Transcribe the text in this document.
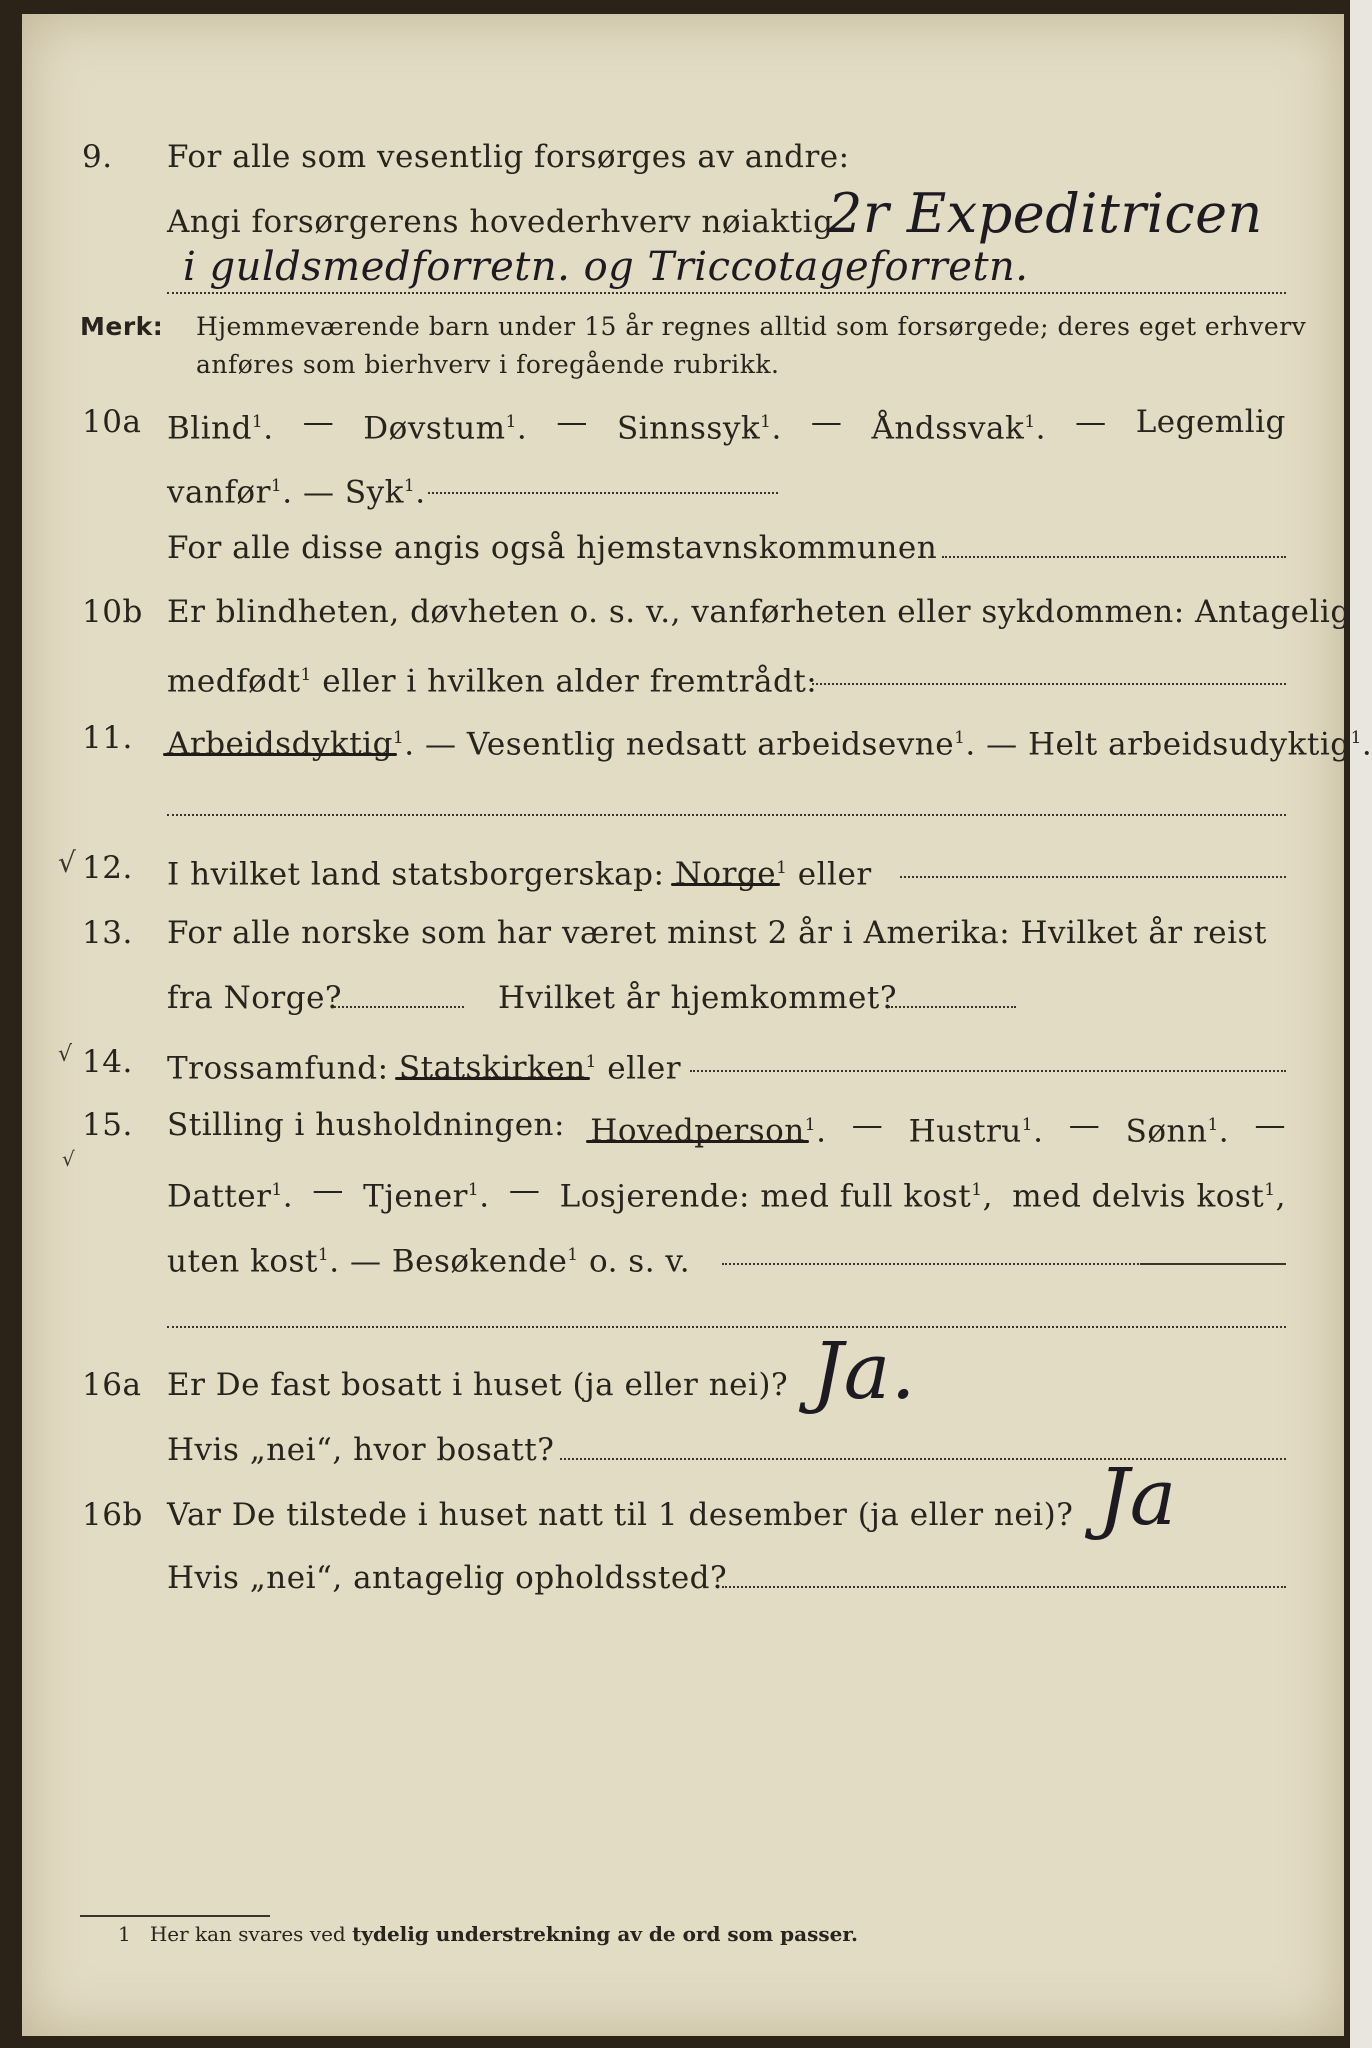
9. For alle som vesentlig forsørges av andre:
Angi forsørgerens hovederhverv nøiaktig
2r Expeditricen
i guldsmedforretn. og Triccotageforretn.
Merk: Hjemmeværende barn under 15 år regnes alltid som forsørgede; deres eget erhverv
anføres som bierhverv i foregående rubrikk.
10a Blind$^1$. — Døvstum$^1$. — Sinnssyk$^1$. — Åndssvak$^1$. — Legemlig
vanfør$^1$. — Syk$^1$.
For alle disse angis også hjemstavnskommunen
10b Er blindheten, døvheten o. s. v., vanførheten eller sykdommen: Antagelig
medfødt$^1$ eller i hvilken alder fremtrådt:
11. Arbeidsdyktig
$^1$. — Vesentlig nedsatt arbeidsevne$^1$. — Helt arbeidsudyktig$^1$.
√ 12. I hvilket land statsborgerskap: Norge
$^1$ eller
13. For alle norske som har været minst 2 år i Amerika: Hvilket år reist
fra Norge?	Hvilket år hjemkommet?
√ 14. Trossamfund: Statskirken
$^1$ eller
15.
√
Stilling i husholdningen: Hovedperson
$^1$. — Hustru$^1$. — Sønn$^1$. —
Datter$^1$. — Tjener$^1$. — Losjerende: med full kost$^1$, med delvis kost$^1$,
uten kost$^1$. — Besøkende$^1$ o. s. v.
16a Er De fast bosatt i huset (ja eller nei)? Ja.
Hvis „nei“, hvor bosatt?
16b Var De tilstede i huset natt til 1 desember (ja eller nei)? Ja
Hvis „nei“, antagelig opholdssted?
1 Her kan svares ved tydelig understrekning av de ord som passer.
